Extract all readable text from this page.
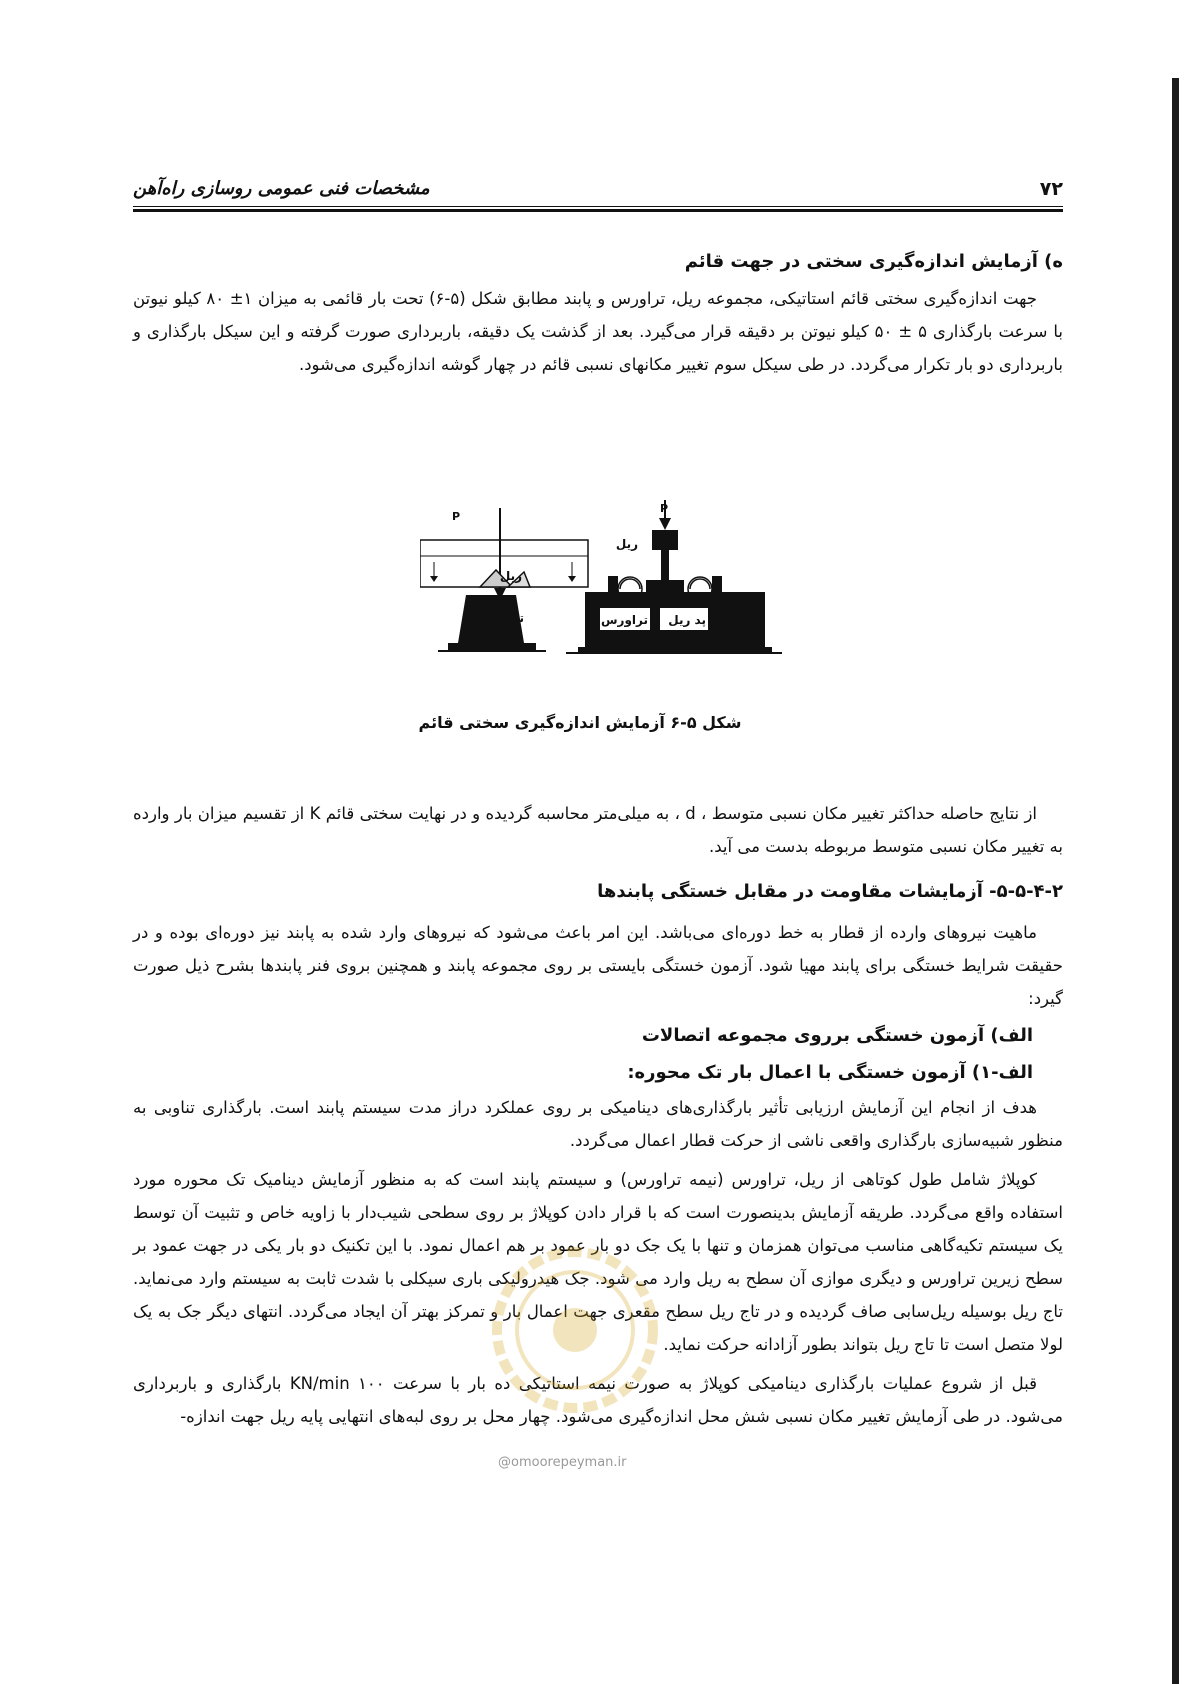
۷۲
مشخصات فنی عمومی روسازی راه‌آهن

ه) آزمایش اندازه‌گیری سختی در جهت قائم

جهت اندازه‌گیری سختی قائم استاتیکی، مجموعه ریل، تراورس و پابند مطابق شکل (۵-۶) تحت بار قائمی به میزان ۱± ۸۰ کیلو نیوتن با سرعت بارگذاری ۵ ± ۵۰ کیلو نیوتن بر دقیقه قرار می‌گیرد. بعد از گذشت یک دقیقه، باربرداری صورت گرفته و این سیکل بارگذاری و باربرداری دو بار تکرار می‌گردد. در طی سیکل سوم تغییر مکانهای نسبی قائم در چهار گوشه اندازه‌گیری می‌شود.

P
ریل
تراورس
P
ریل
تراورس پد ریل
شکل ۵-۶ آزمایش اندازه‌گیری سختی قائم

از نتایج حاصله حداکثر تغییر مکان نسبی متوسط ، d ، به میلی‌متر محاسبه گردیده و در نهایت سختی قائم K از تقسیم میزان بار وارده به تغییر مکان نسبی متوسط مربوطه بدست می آید.

۵-۵-۴-۲- آزمایشات مقاومت در مقابل خستگی پابندها

ماهیت نیروهای وارده از قطار به خط دوره‌ای می‌باشد. این امر باعث می‌شود که نیروهای وارد شده به پابند نیز دوره‌ای بوده و در حقیقت شرایط خستگی برای پابند مهیا شود. آزمون خستگی بایستی بر روی مجموعه پابند و همچنین بروی فنر پابندها بشرح ذیل صورت گیرد:

الف) آزمون خستگی برروی مجموعه اتصالات

الف-۱) آزمون خستگی با اعمال بار تک محوره:

هدف از انجام این آزمایش ارزیابی تأثیر بارگذاری‌های دینامیکی بر روی عملکرد دراز مدت سیستم پابند است. بارگذاری تناوبی به منظور شبیه‌سازی بارگذاری واقعی ناشی از حرکت قطار اعمال می‌گردد.

کوپلاژ شامل طول کوتاهی از ریل، تراورس (نیمه تراورس) و سیستم پابند است که به منظور آزمایش دینامیک تک محوره مورد استفاده واقع می‌گردد. طریقه آزمایش بدینصورت است که با قرار دادن کوپلاژ بر روی سطحی شیب‌دار با زاویه خاص و تثبیت آن توسط یک سیستم تکیه‌گاهی مناسب می‌توان همزمان و تنها با یک جک دو بار عمود بر هم اعمال نمود. با این تکنیک دو بار یکی در جهت عمود بر سطح زیرین تراورس و دیگری موازی آن سطح به ریل وارد می شود. جک هیدرولیکی باری سیکلی با شدت ثابت به سیستم وارد می‌نماید. تاج ریل بوسیله ریل‌سابی صاف گردیده و در تاج ریل سطح مقعری جهت اعمال بار و تمرکز بهتر آن ایجاد می‌گردد. انتهای دیگر جک به یک لولا متصل است تا تاج ریل بتواند بطور آزادانه حرکت نماید.

قبل از شروع عملیات بارگذاری دینامیکی کوپلاژ به صورت نیمه استاتیکی ده بار با سرعت ۱۰۰ KN/min بارگذاری و باربرداری می‌شود. در طی آزمایش تغییر مکان نسبی شش محل اندازه‌گیری می‌شود. چهار محل بر روی لبه‌های انتهایی پایه ریل جهت اندازه-

@omoorepeyman.ir
